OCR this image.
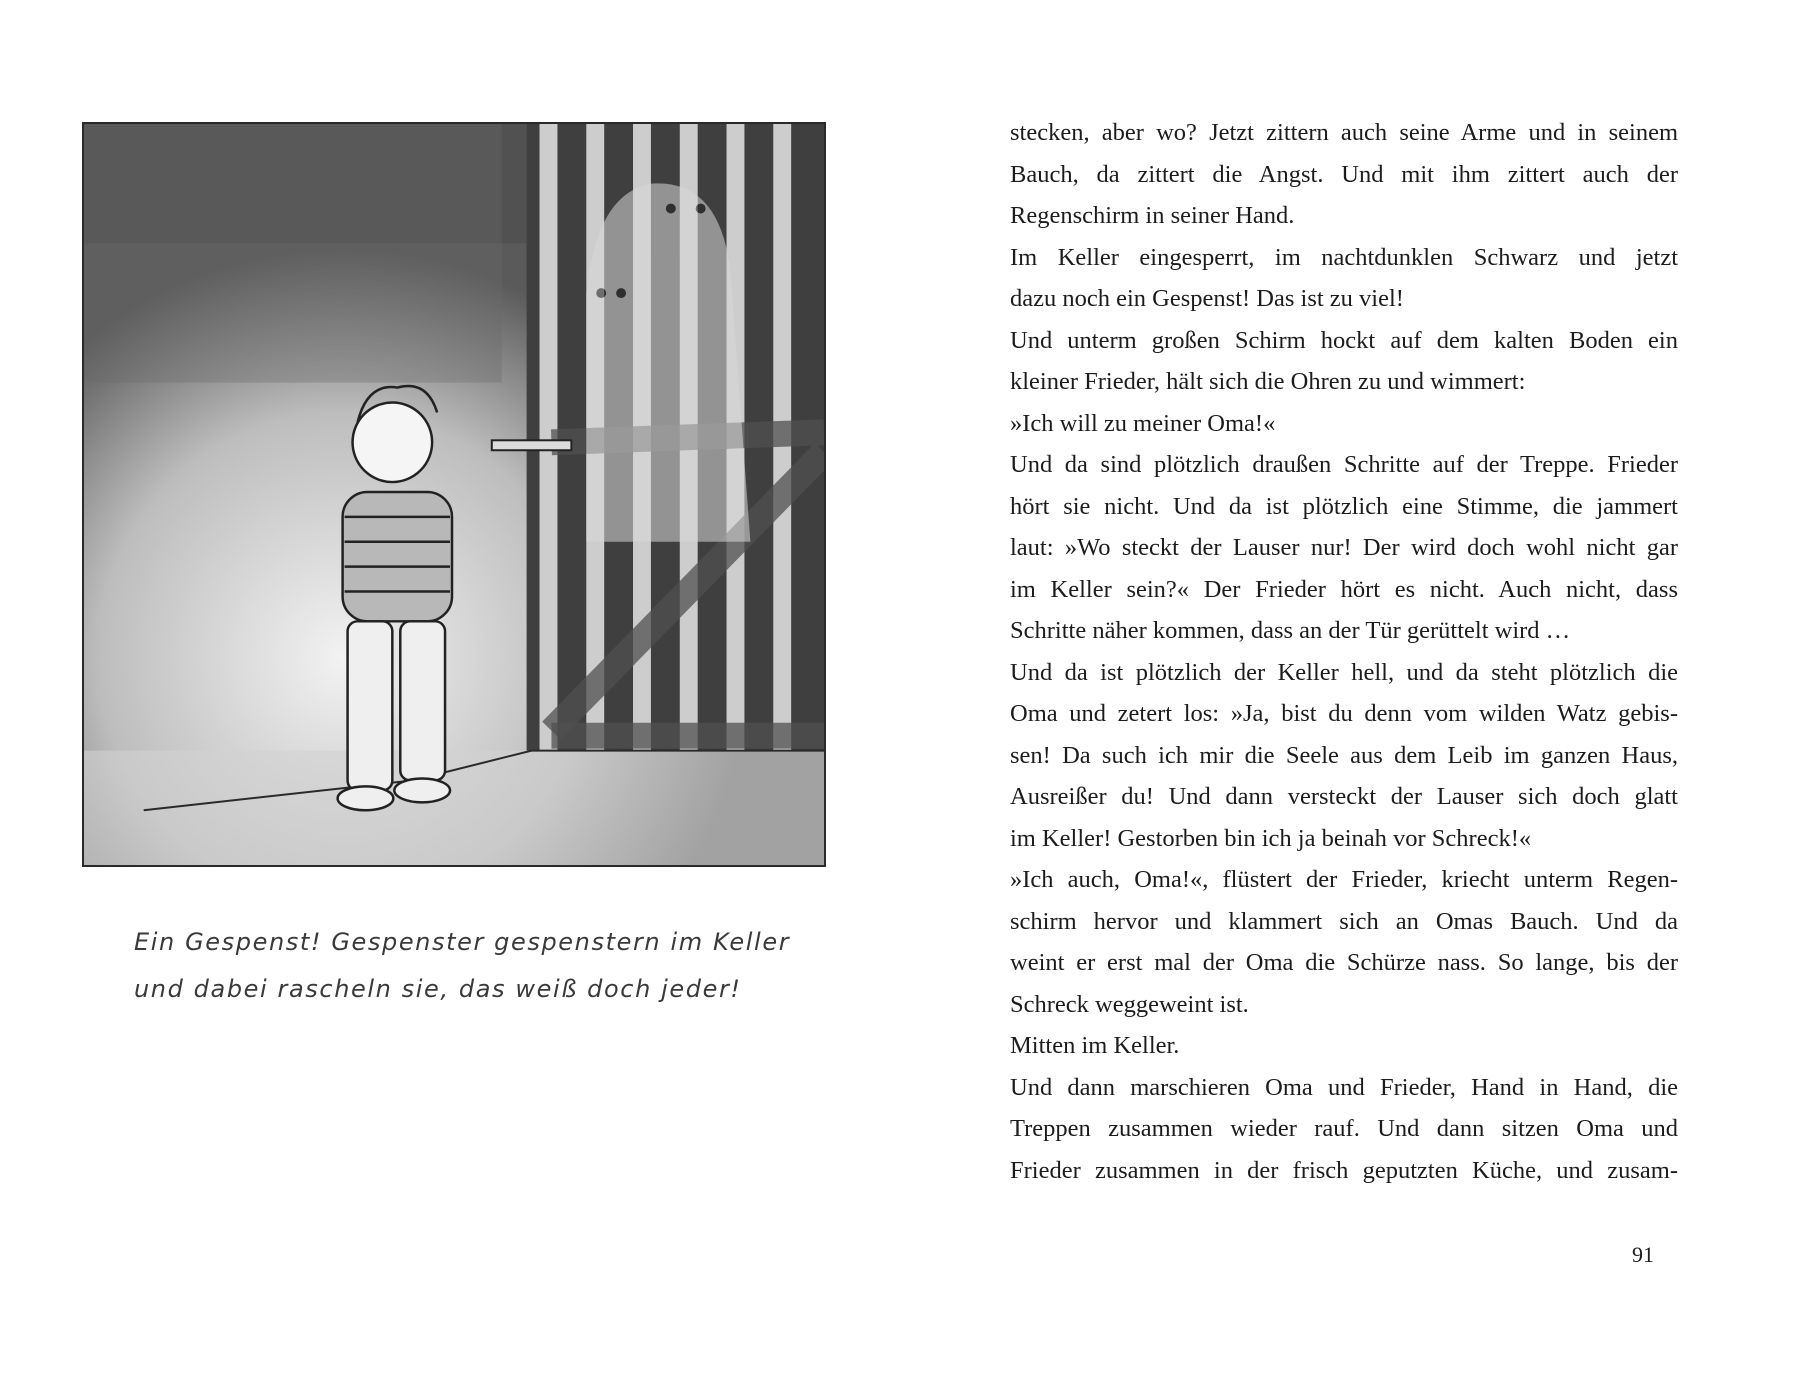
Ein Gespenst! Gespenster gespenstern im Keller
und dabei rascheln sie, das weiß doch jeder!
stecken, aber wo? Jetzt zittern auch seine Arme und in seinem
Bauch, da zittert die Angst. Und mit ihm zittert auch der
Regenschirm in seiner Hand.
Im Keller eingesperrt, im nachtdunklen Schwarz und jetzt
dazu noch ein Gespenst! Das ist zu viel!
Und unterm großen Schirm hockt auf dem kalten Boden ein
kleiner Frieder, hält sich die Ohren zu und wimmert:
»Ich will zu meiner Oma!«
Und da sind plötzlich draußen Schritte auf der Treppe. Frieder
hört sie nicht. Und da ist plötzlich eine Stimme, die jammert
laut: »Wo steckt der Lauser nur! Der wird doch wohl nicht gar
im Keller sein?« Der Frieder hört es nicht. Auch nicht, dass
Schritte näher kommen, dass an der Tür gerüttelt wird …
Und da ist plötzlich der Keller hell, und da steht plötzlich die
Oma und zetert los: »Ja, bist du denn vom wilden Watz gebis-
sen! Da such ich mir die Seele aus dem Leib im ganzen Haus,
Ausreißer du! Und dann versteckt der Lauser sich doch glatt
im Keller! Gestorben bin ich ja beinah vor Schreck!«
»Ich auch, Oma!«, flüstert der Frieder, kriecht unterm Regen-
schirm hervor und klammert sich an Omas Bauch. Und da
weint er erst mal der Oma die Schürze nass. So lange, bis der
Schreck weggeweint ist.
Mitten im Keller.
Und dann marschieren Oma und Frieder, Hand in Hand, die
Treppen zusammen wieder rauf. Und dann sitzen Oma und
Frieder zusammen in der frisch geputzten Küche, und zusam-
91
